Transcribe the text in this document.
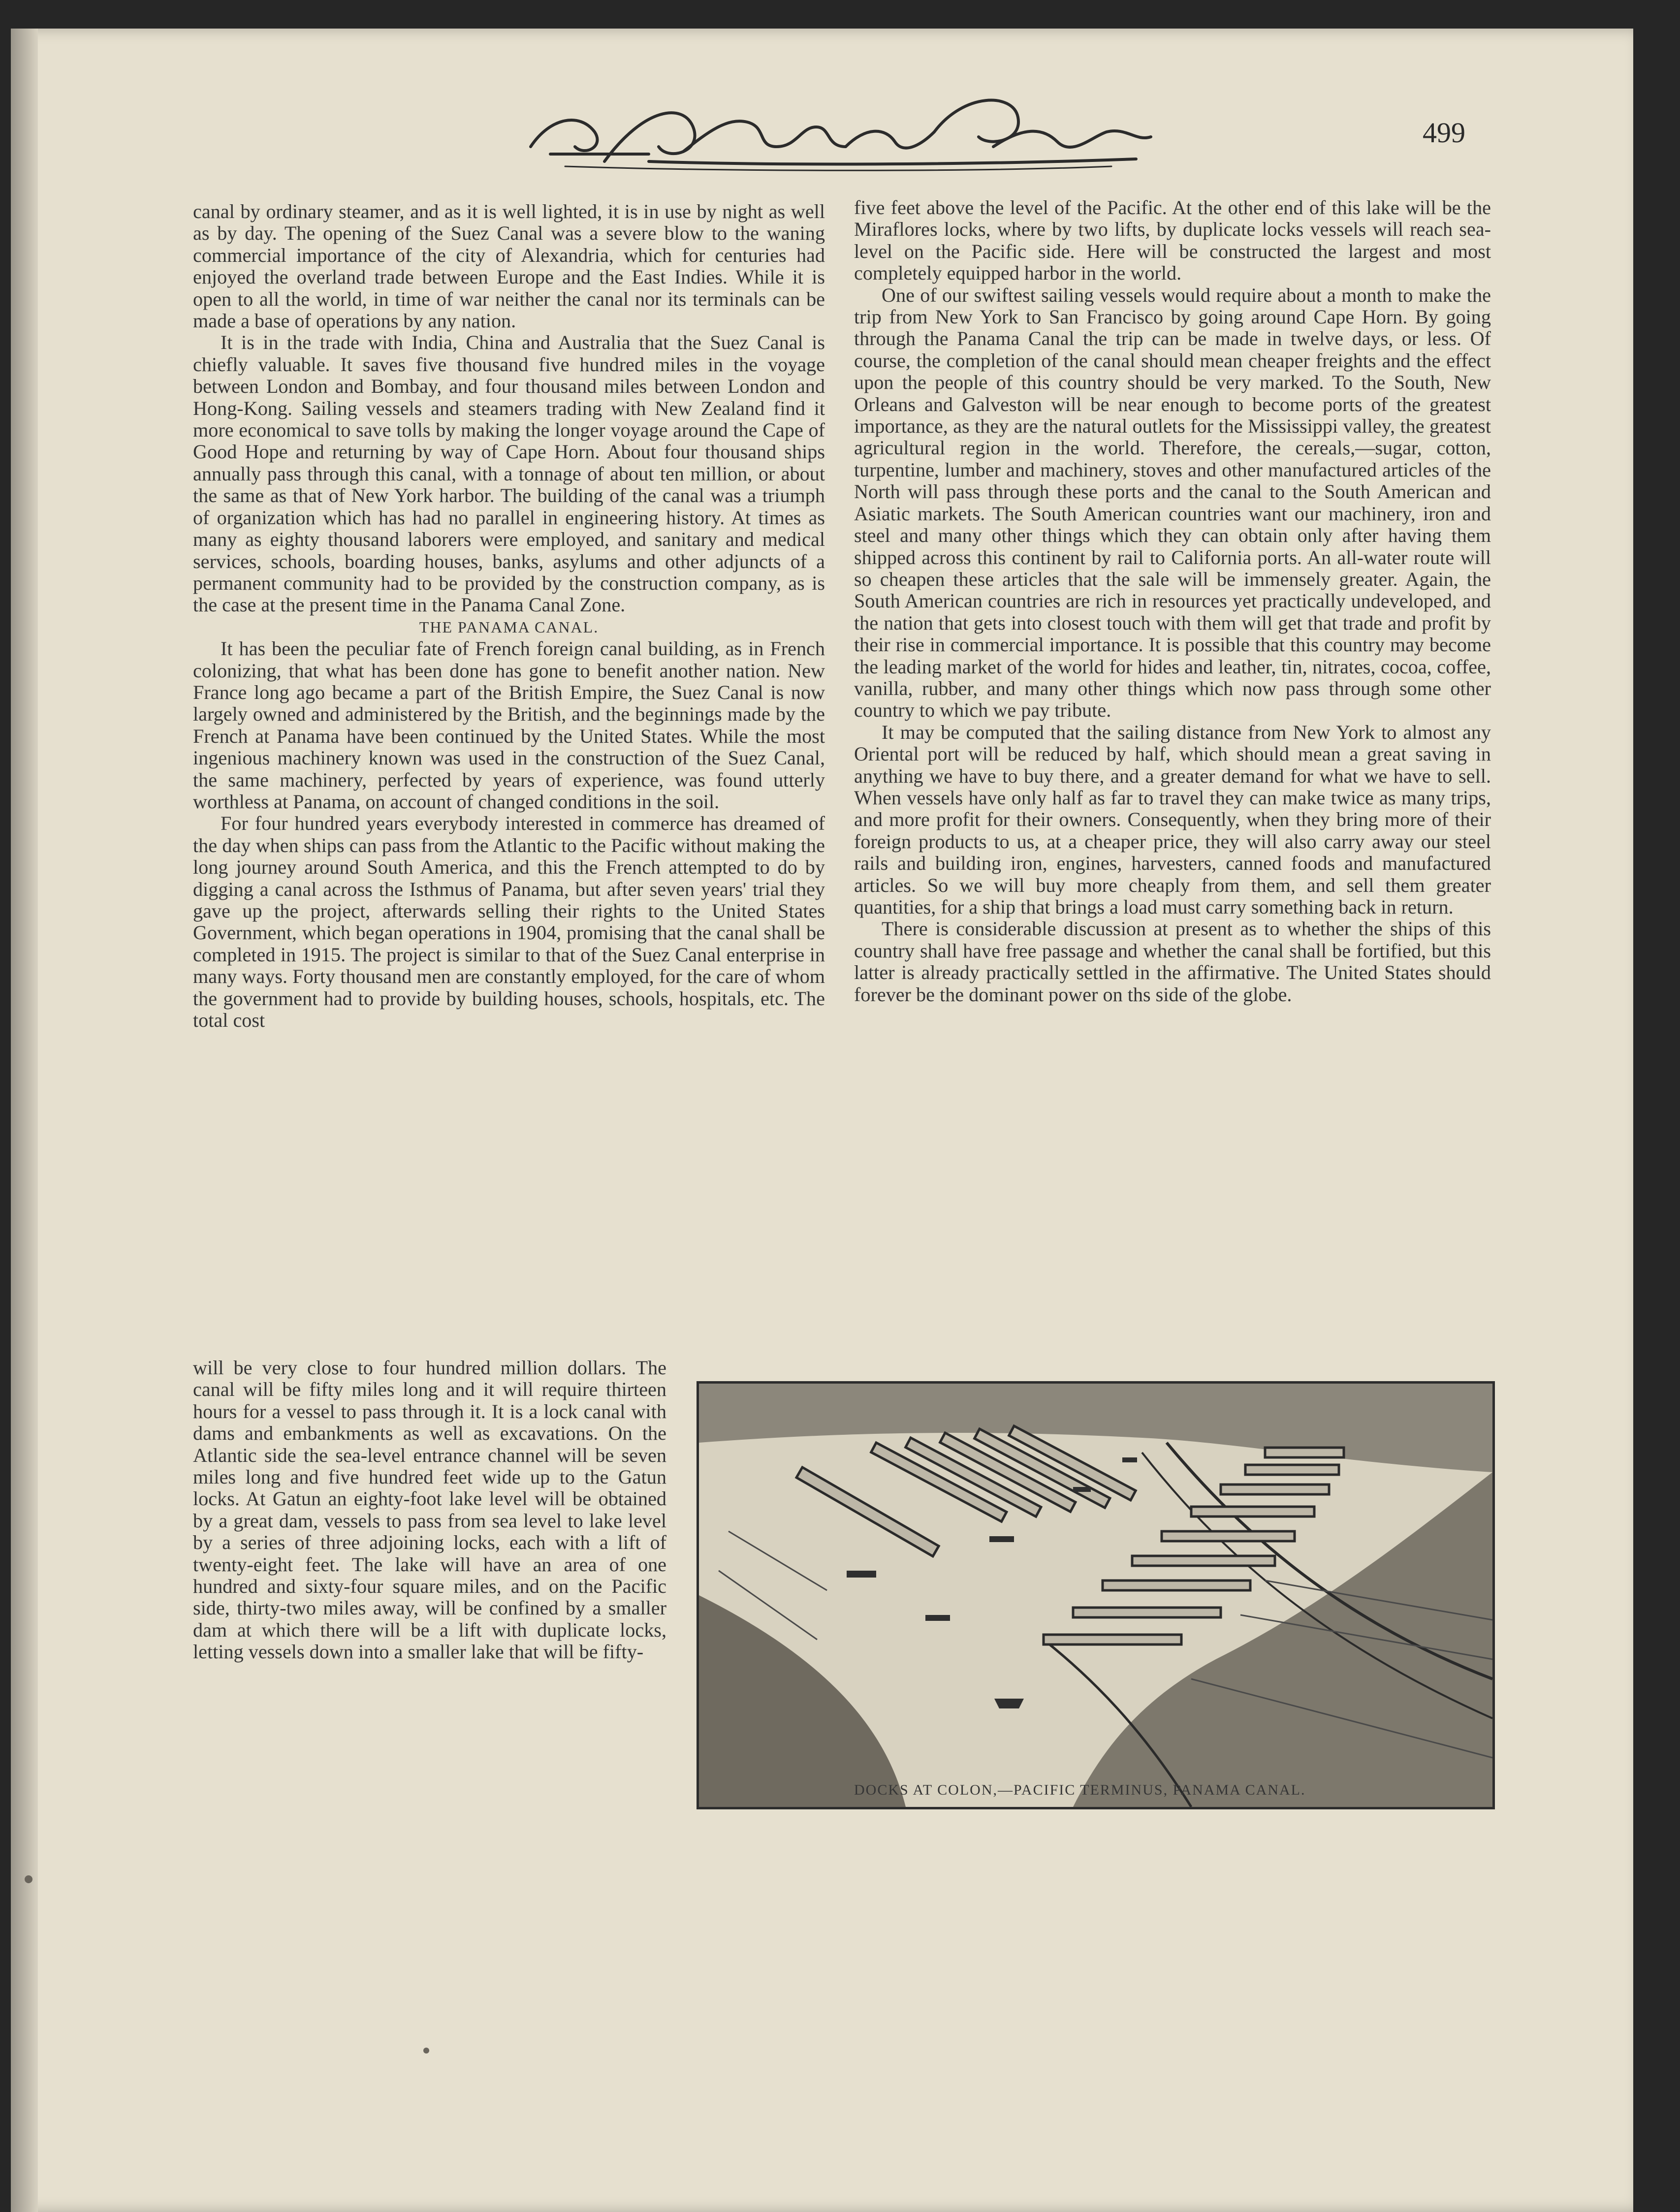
499

canal by ordinary steamer, and as it is well lighted, it is in use by night as well as by day. The opening of the Suez Canal was a severe blow to the waning commercial importance of the city of Alexandria, which for centuries had enjoyed the overland trade between Europe and the East Indies. While it is open to all the world, in time of war neither the canal nor its terminals can be made a base of operations by any nation.

It is in the trade with India, China and Australia that the Suez Canal is chiefly valuable. It saves five thousand five hundred miles in the voyage between London and Bombay, and four thousand miles between London and Hong-Kong. Sailing vessels and steamers trading with New Zealand find it more economical to save tolls by making the longer voyage around the Cape of Good Hope and returning by way of Cape Horn. About four thousand ships annually pass through this canal, with a tonnage of about ten million, or about the same as that of New York harbor. The building of the canal was a triumph of organization which has had no parallel in engineering history. At times as many as eighty thousand laborers were employed, and sanitary and medical services, schools, boarding houses, banks, asylums and other adjuncts of a permanent community had to be provided by the construction company, as is the case at the present time in the Panama Canal Zone.

THE PANAMA CANAL.

It has been the peculiar fate of French foreign canal building, as in French colonizing, that what has been done has gone to benefit another nation. New France long ago became a part of the British Empire, the Suez Canal is now largely owned and administered by the British, and the beginnings made by the French at Panama have been continued by the United States. While the most ingenious machinery known was used in the construction of the Suez Canal, the same machinery, perfected by years of experience, was found utterly worthless at Panama, on account of changed conditions in the soil.

For four hundred years everybody interested in commerce has dreamed of the day when ships can pass from the Atlantic to the Pacific without making the long journey around South America, and this the French attempted to do by digging a canal across the Isthmus of Panama, but after seven years' trial they gave up the project, afterwards selling their rights to the United States Government, which began operations in 1904, promising that the canal shall be completed in 1915. The project is similar to that of the Suez Canal enterprise in many ways. Forty thousand men are constantly employed, for the care of whom the government had to provide by building houses, schools, hospitals, etc. The total cost

will be very close to four hundred million dollars. The canal will be fifty miles long and it will require thirteen hours for a vessel to pass through it. It is a lock canal with dams and embankments as well as excavations. On the Atlantic side the sea-level entrance channel will be seven miles long and five hundred feet wide up to the Gatun locks. At Gatun an eighty-foot lake level will be obtained by a great dam, vessels to pass from sea level to lake level by a series of three adjoining locks, each with a lift of twenty-eight feet. The lake will have an area of one hundred and sixty-four square miles, and on the Pacific side, thirty-two miles away, will be confined by a smaller dam at which there will be a lift with duplicate locks, letting vessels down into a smaller lake that will be fifty-

five feet above the level of the Pacific. At the other end of this lake will be the Miraflores locks, where by two lifts, by duplicate locks vessels will reach sea-level on the Pacific side. Here will be constructed the largest and most completely equipped harbor in the world.

One of our swiftest sailing vessels would require about a month to make the trip from New York to San Francisco by going around Cape Horn. By going through the Panama Canal the trip can be made in twelve days, or less. Of course, the completion of the canal should mean cheaper freights and the effect upon the people of this country should be very marked. To the South, New Orleans and Galveston will be near enough to become ports of the greatest importance, as they are the natural outlets for the Mississippi valley, the greatest agricultural region in the world. Therefore, the cereals,—sugar, cotton, turpentine, lumber and machinery, stoves and other manufactured articles of the North will pass through these ports and the canal to the South American and Asiatic markets. The South American countries want our machinery, iron and steel and many other things which they can obtain only after having them shipped across this continent by rail to California ports. An all-water route will so cheapen these articles that the sale will be immensely greater. Again, the South American countries are rich in resources yet practically undeveloped, and the nation that gets into closest touch with them will get that trade and profit by their rise in commercial importance. It is possible that this country may become the leading market of the world for hides and leather, tin, nitrates, cocoa, coffee, vanilla, rubber, and many other things which now pass through some other country to which we pay tribute.

It may be computed that the sailing distance from New York to almost any Oriental port will be reduced by half, which should mean a great saving in anything we have to buy there, and a greater demand for what we have to sell. When vessels have only half as far to travel they can make twice as many trips, and more profit for their owners. Consequently, when they bring more of their foreign products to us, at a cheaper price, they will also carry away our steel rails and building iron, engines, harvesters, canned foods and manufactured articles. So we will buy more cheaply from them, and sell them greater quantities, for a ship that brings a load must carry something back in return.

There is considerable discussion at present as to whether the ships of this country shall have free passage and whether the canal shall be fortified, but this latter is already practically settled in the affirmative. The United States should forever be the dominant power on ths side of the globe.

DOCKS AT COLON,—PACIFIC TERMINUS, PANAMA CANAL.
